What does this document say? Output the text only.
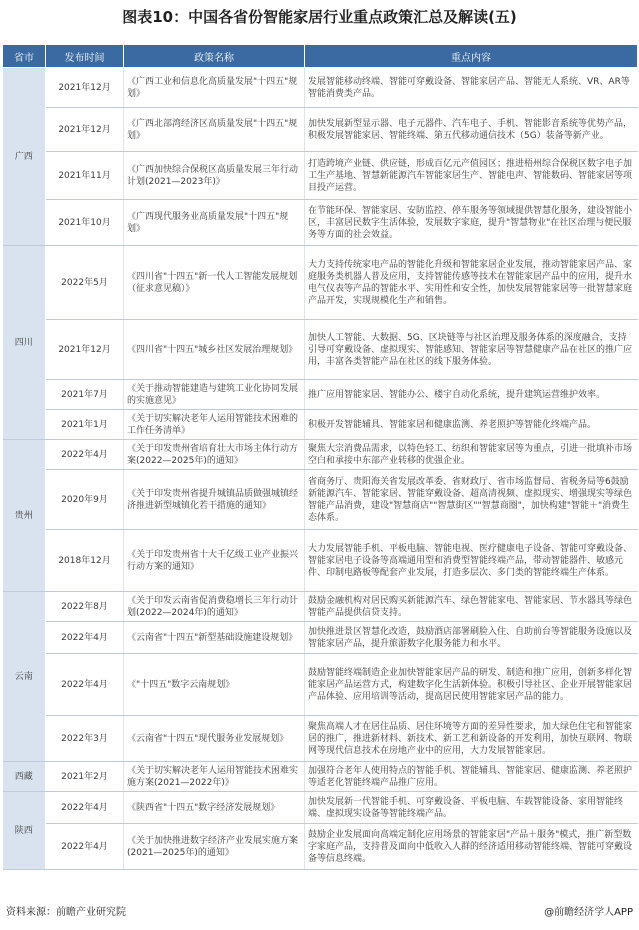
图表10：中国各省份智能家居行业重点政策汇总及解读(五)
省市	发布时间	政策名称	重点内容
广西	2021年12月	《广西工业和信息化高质量发展"十四五"规划》	发展智能移动终端、智能可穿戴设备、智能家居产品、智能无人系统、VR、AR等智能消费类产品。
	2021年12月	《广西北部湾经济区高质量发展"十四五"规划》	加快发展新型显示器、电子元器件、汽车电子、手机、智能影音系统等优势产品，积极发展智能家居、智能终端、第五代移动通信技术（5G）装备等新产业。
	2021年11月	《广西加快综合保税区高质量发展三年行动计划(2021—2023年)》	打造跨境产业链、供应链，形成百亿元产值园区；推进梧州综合保税区数字电子加工生产基地、智慧新能源汽车智能家居生产、智能电声、智能数码、智能家居等项目投产运营。
	2021年10月	《广西现代服务业高质量发展"十四五"规划》	在节能环保、智能家居、安防监控、停车服务等领域提供智慧化服务，建设智能小区，丰富居民数字生活体验，发展数字家庭，提升"智慧物业"在社区治理与便民服务等方面的社会效益。
四川	2022年5月	《四川省"十四五"新一代人工智能发展规划（征求意见稿）》	大力支持传统家电产品的智能化升级和智能家居企业发展，推动智能家居产品、家庭服务类机器人普及应用，支持智能传感等技术在智能家居产品中的应用，提升水电气仪表等产品的智能水平、实用性和安全性，加快发展智能家居等一批智慧家庭产品开发，实现规模化生产和销售。
	2021年12月	《四川省"十四五"城乡社区发展治理规划》	加快人工智能、大数据、5G、区块链等与社区治理及服务体系的深度融合，支持引导可穿戴设备、虚拟现实、智能感知、智能家居等智慧健康产品在社区的推广应用，丰富各类智能产品在社区的线下服务体验。
	2021年7月	《关于推动智能建造与建筑工业化协同发展的实施意见》	推广应用智能家居、智能办公、楼宇自动化系统，提升建筑运营维护效率。
	2021年1月	《关于切实解决老年人运用智能技术困难的工作任务清单》	积极开发智能辅具、智能家居和健康监测、养老照护等智能化终端产品。
贵州	2022年4月	《关于印发贵州省培育壮大市场主体行动方案(2022—2025年)的通知》	聚焦大宗消费品需求，以特色轻工、纺织和智能家居等为重点，引进一批填补市场空白和承接中东部产业转移的优强企业。
	2020年9月	《关于印发贵州省提升城镇品质做强城镇经济推进新型城镇化若干措施的通知》	省商务厅、贵阳海关省发展改革委、省财政厅、省市场监督局、省税务局等6鼓励新能源汽车、智能家居、智能穿戴设备、超高清视频、虚拟现实、增强现实等绿色智能产品消费，建设"智慧商店""智慧街区""智慧商圈"，加快构建"智能＋"消费生态体系。
	2018年12月	《关于印发贵州省十大千亿级工业产业振兴行动方案的通知》	大力发展智能手机、平板电脑、智能电视、医疗健康电子设备、智能可穿戴设备、智能家居电子设备等高端通用型和消费型智能终端产品，带动智能器件、敏感元件、印制电路板等配套产业发展，打造多层次、多门类的智能终端生产体系。
云南	2022年8月	《关于印发云南省促消费稳增长三年行动计划(2022—2024年)的通知》	鼓励金融机构对居民购买新能源汽车、绿色智能家电、智能家居、节水器具等绿色智能产品提供信贷支持。
	2022年4月	《云南省"十四五"新型基础设施建设规划》	加快推进景区智慧化改造，鼓励酒店部署刷脸入住、自助前台等智能服务设施以及智能家居产品，提升旅游数字化服务能力和水平。
	2022年4月	《"十四五"数字云南规划》	鼓励智能终端制造企业加快智能家居产品的研发、制造和推广应用，创新多样化智能家居产品运营方式，构建数字化生活新体验。积极引导社区、企业开展智能家居产品体验、应用培训等活动，提高居民使用智能家居产品的能力。
	2022年3月	《云南省"十四五"现代服务业发展规划》	聚焦高端人才在居住品质、居住环境等方面的差异性要求，加大绿色住宅和智能家居的推广，推进新材料、新技术、新工艺和新设备的开发利用，加快互联网、物联网等现代信息技术在房地产业中的应用，大力发展智能家居。
西藏	2021年2月	《关于切实解决老年人运用智能技术困难实施方案(2021—2022年)》	加强符合老年人使用特点的智能手机、智能辅具、智能家居、健康监测、养老照护等适老化智能终端产品推广应用。
陕西	2022年4月	《陕西省"十四五"数字经济发展规划》	加快发展新一代智能手机、可穿戴设备、平板电脑、车载智能设备、家用智能终端、虚拟现实设备等智能终端产品。
	2022年4月	《关于加快推进数字经济产业发展实施方案(2021—2025年)的通知》	鼓励企业发展面向高端定制化应用场景的智能家居"产品＋服务"模式，推广新型数字家庭产品，支持普及面向中低收入人群的经济适用移动智能终端、智能可穿戴设备等信息终端。
资料来源：前瞻产业研究院	@前瞻经济学人APP
